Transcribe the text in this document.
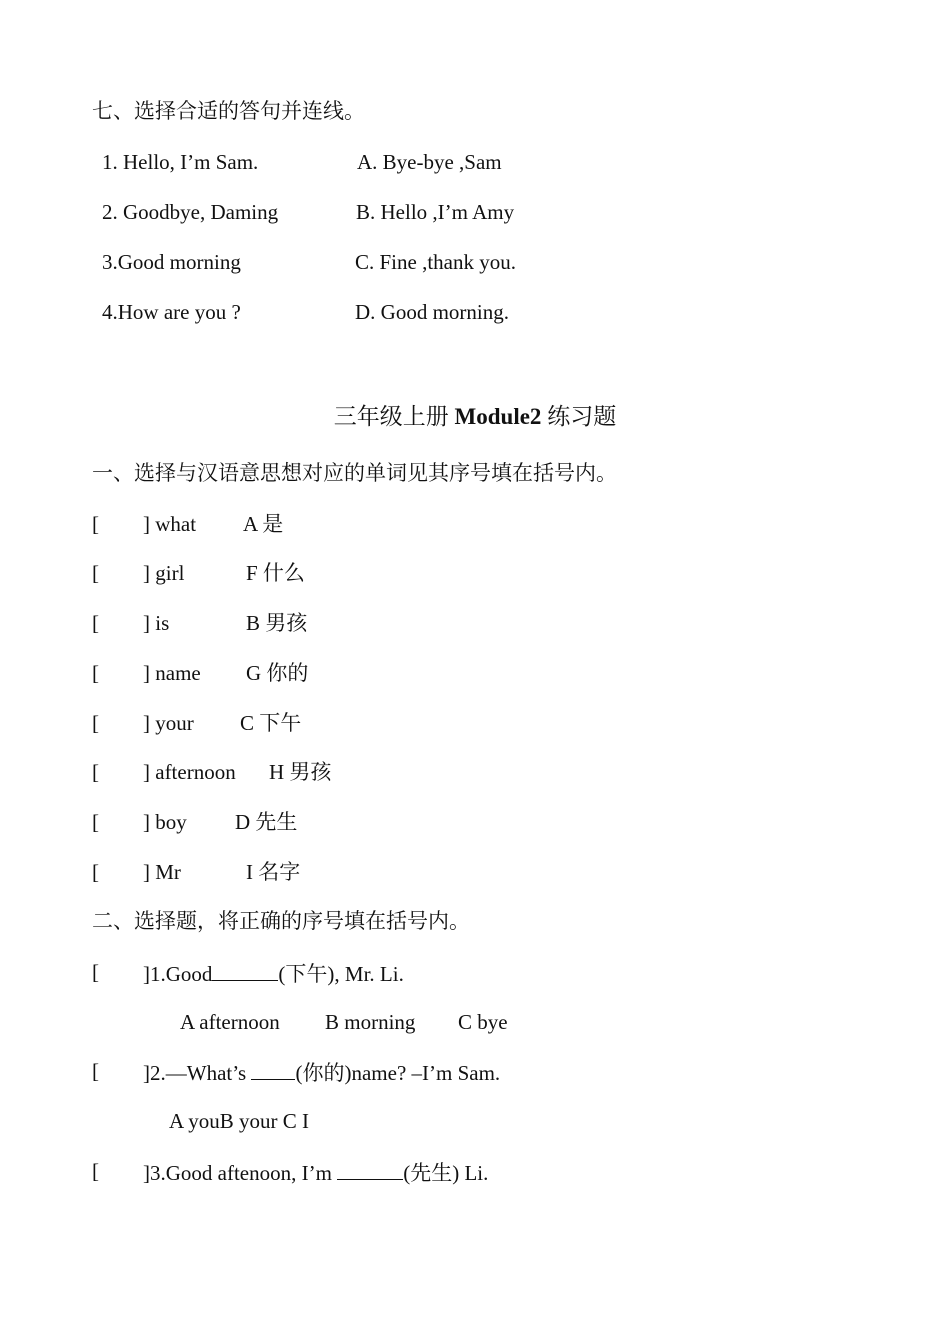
七、选择合适的答句并连线。
1. Hello, I’m Sam.	A. Bye-bye ,Sam
2. Goodbye, Daming	B. Hello ,I’m Amy
3.Good morning	C. Fine ,thank you.
4.How are you ?	D. Good morning.
三年级上册 Module2 练习题
一、选择与汉语意思想对应的单词见其序号填在括号内。
[ ] what A 是
[ ] girl	F 什么
[ ] is	B 男孩
[ ] name G 你的
[ ] your C 下午
[ ] afternoon H 男孩
[ ] boy D 先生
[ ] Mr	I 名字
二、选择题，将正确的序号填在括号内。
[ ]1.Good	(下午), Mr. Li.
A afternoon B morning C bye
[ ]2.—What’s (你的)name? –I’m Sam.
A youB your C I
[ ]3.Good aftenoon, I’m	(先生) Li.
